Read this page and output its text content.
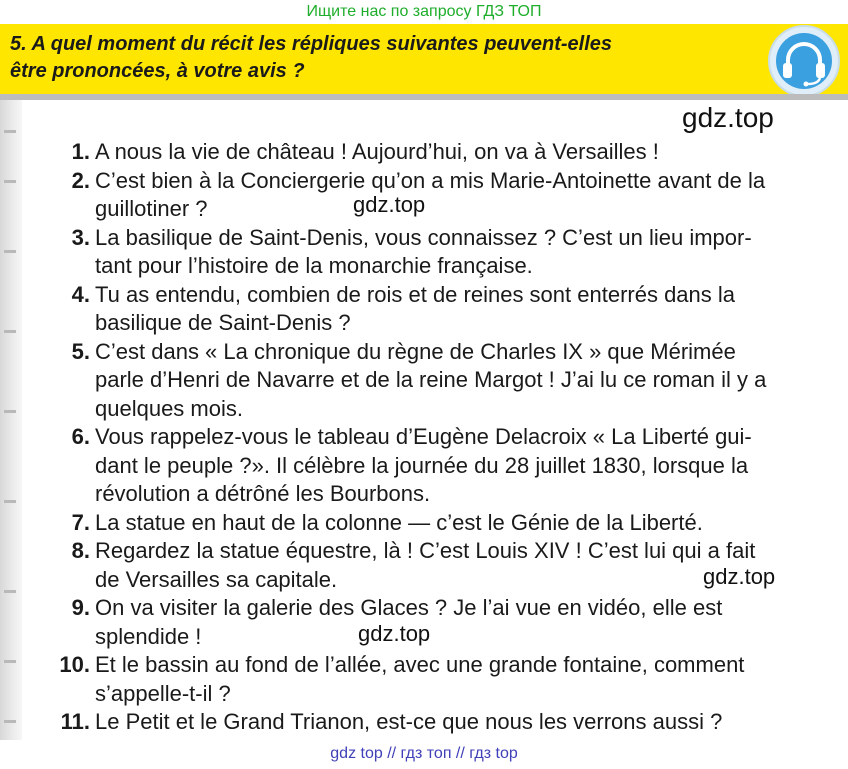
Ищите нас по запросу ГДЗ ТОП
5. A quel moment du récit les répliques suivantes peuvent-elles
être prononcées, à votre avis ?
gdz.top
1. A nous la vie de château ! Aujourd’hui, on va à Versailles !
2. C’est bien à la Conciergerie qu’on a mis Marie-Antoinette avant de la
guillotiner ?
3. La basilique de Saint-Denis, vous connaissez ? C’est un lieu impor-
tant pour l’histoire de la monarchie française.
4. Tu as entendu, combien de rois et de reines sont enterrés dans la
basilique de Saint-Denis ?
5. C’est dans « La chronique du règne de Charles IX » que Mérimée
parle d’Henri de Navarre et de la reine Margot ! J’ai lu ce roman il y a
quelques mois.
6. Vous rappelez-vous le tableau d’Eugène Delacroix « La Liberté gui-
dant le peuple ?». Il célèbre la journée du 28 juillet 1830, lorsque la
révolution a détrôné les Bourbons.
7. La statue en haut de la colonne — c’est le Génie de la Liberté.
8. Regardez la statue équestre, là ! C’est Louis XIV ! C’est lui qui a fait
de Versailles sa capitale.
9. On va visiter la galerie des Glaces ? Je l’ai vue en vidéo, elle est
splendide !
10. Et le bassin au fond de l’allée, avec une grande fontaine, comment
s’appelle-t-il ?
11. Le Petit et le Grand Trianon, est-ce que nous les verrons aussi ?
gdz.top
gdz.top
gdz.top
gdz top // гдз топ // гдз top
